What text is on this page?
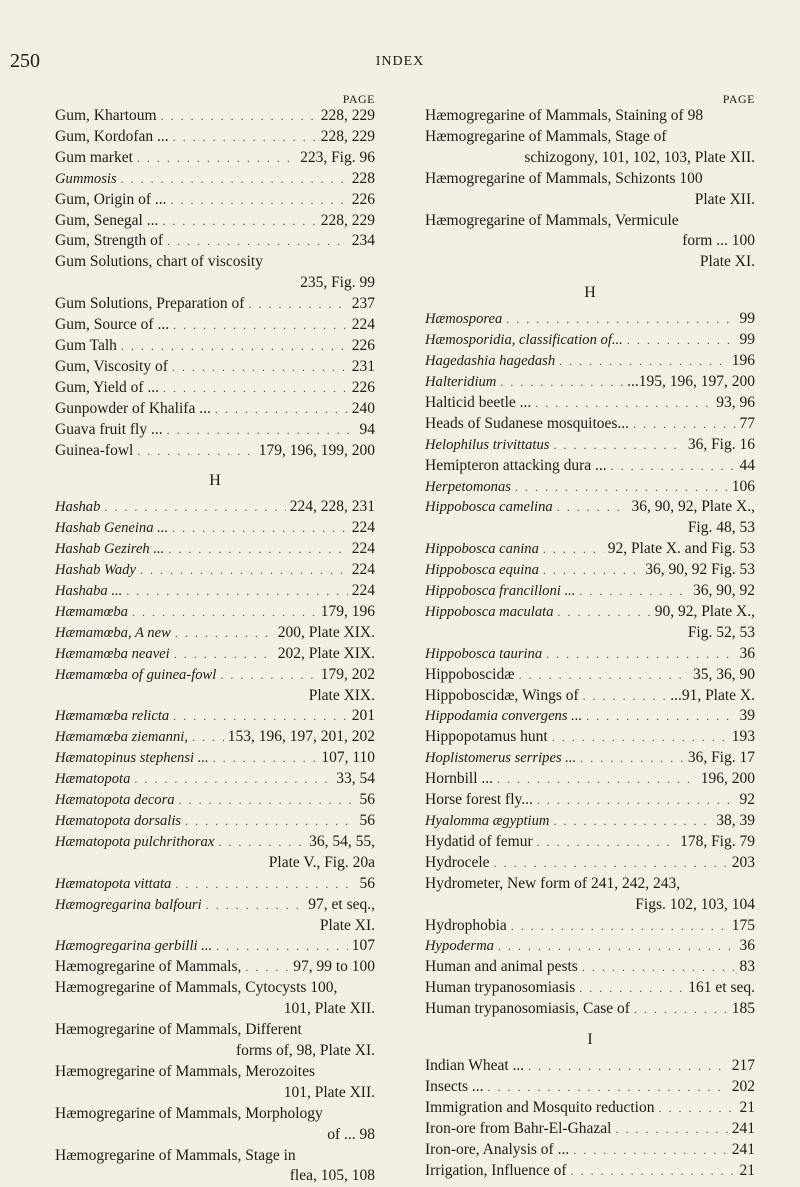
250	INDEX
PAGE
Gum, Khartoum . . .	228, 229
Gum, Kordofan ... . . .	228, 229
Gum market . . .	223, Fig. 96
Gummosis . . .	228
Gum, Origin of ... . . .	226
Gum, Senegal ... . . .	228, 229
Gum, Strength of . . .	234
Gum Solutions, chart of viscosity
235, Fig. 99
Gum Solutions, Preparation of . . .	237
Gum, Source of ... . . .	224
Gum Talh . . .	226
Gum, Viscosity of . . .	231
Gum, Yield of ... . . .	226
Gunpowder of Khalifa ... . . .	240
Guava fruit fly ... . . .	94
Guinea-fowl . . .	179, 196, 199, 200
H
Hashab . . .	224, 228, 231
Hashab Geneina ... . . .	224
Hashab Gezireh ... . . .	224
Hashab Wady . . .	224
Hashaba ... . . .	224
Hæmamœba . . .	179, 196
Hæmamœba, A new . . .	200, Plate XIX.
Hæmamœba neavei . . .	202, Plate XIX.
Hæmamœba of guinea-fowl . . .	179, 202
Plate XIX.
Hæmamœba relicta . . .	201
Hæmamœba ziemanni, . . .	153, 196, 197, 201, 202
Hæmatopinus stephensi ... . . .	107, 110
Hæmatopota . . .	33, 54
Hæmatopota decora . . .	56
Hæmatopota dorsalis . . .	56
Hæmatopota pulchrithorax . . .	36, 54, 55,
Plate V., Fig. 20a
Hæmatopota vittata . . .	56
Hæmogregarina balfouri . . .	97, et seq.,
Plate XI.
Hæmogregarina gerbilli ... . . .	107
Hæmogregarine of Mammals, . . .	97, 99 to 100
Hæmogregarine of Mammals, Cytocysts 100,
101, Plate XII.
Hæmogregarine of Mammals, Different
forms of, 98, Plate XI.
Hæmogregarine of Mammals, Merozoites
101, Plate XII.
Hæmogregarine of Mammals, Morphology
of ... 98
Hæmogregarine of Mammals, Stage in
flea, 105, 108
PAGE
Hæmogregarine of Mammals, Staining of 98
Hæmogregarine of Mammals, Stage of
schizogony, 101, 102, 103, Plate XII.
Hæmogregarine of Mammals, Schizonts 100
Plate XII.
Hæmogregarine of Mammals, Vermicule
form ... 100
Plate XI.
H
Hæmosporea . . .	99
Hæmosporidia, classification of... . . .	99
Hagedashia hagedash . . .	196
Halteridium . . .	...195, 196, 197, 200
Halticid beetle ... . . .	93, 96
Heads of Sudanese mosquitoes... . . .	77
Helophilus trivittatus . . .	36, Fig. 16
Hemipteron attacking dura ... . . .	44
Herpetomonas . . .	106
Hippobosca camelina . . .	36, 90, 92, Plate X.,
Fig. 48, 53
Hippobosca canina . . .	92, Plate X. and Fig. 53
Hippobosca equina . . .	36, 90, 92 Fig. 53
Hippobosca francilloni ... . . .	36, 90, 92
Hippobosca maculata . . .	90, 92, Plate X.,
Fig. 52, 53
Hippobosca taurina . . .	36
Hippoboscidæ . . .	35, 36, 90
Hippoboscidæ, Wings of . . .	...91, Plate X.
Hippodamia convergens ... . . .	39
Hippopotamus hunt . . .	193
Hoplistomerus serripes ... . . .	36, Fig. 17
Hornbill ... . . .	196, 200
Horse forest fly... . . .	92
Hyalomma ægyptium . . .	38, 39
Hydatid of femur . . .	178, Fig. 79
Hydrocele . . .	203
Hydrometer, New form of 241, 242, 243,
Figs. 102, 103, 104
Hydrophobia . . .	175
Hypoderma . . .	36
Human and animal pests . . .	83
Human trypanosomiasis . . .	161 et seq.
Human trypanosomiasis, Case of . . .	185
I
Indian Wheat ... . . .	217
Insects ... . . .	202
Immigration and Mosquito reduction . . .	21
Iron-ore from Bahr-El-Ghazal . . .	241
Iron-ore, Analysis of ... . . .	241
Irrigation, Influence of . . .	21
